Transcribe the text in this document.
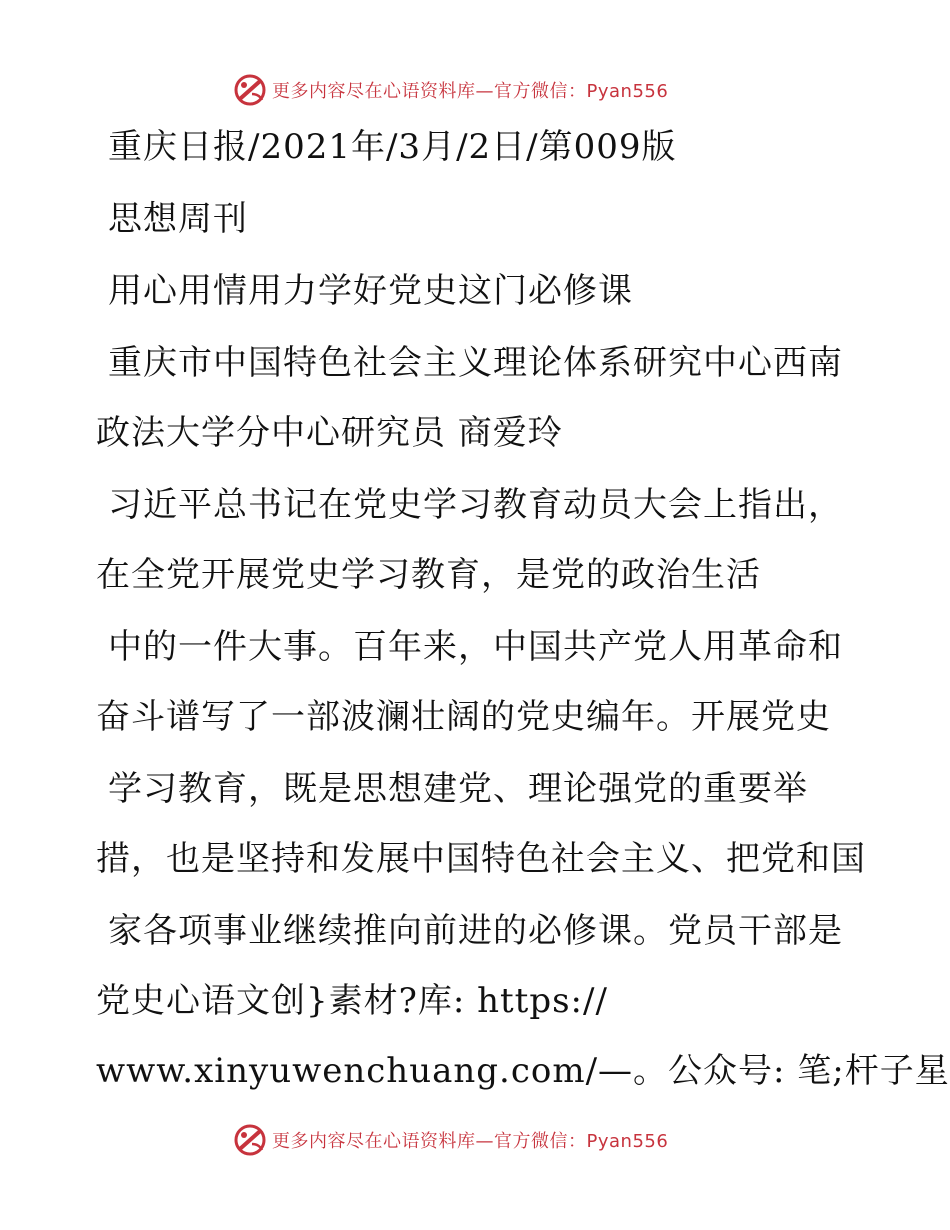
更多内容尽在心语资料库—官方微信：Pyan556
重庆日报/2021年/3月/2日/第009版
思想周刊
用心用情用力学好党史这门必修课
重庆市中国特色社会主义理论体系研究中心西南
政法大学分中心研究员 商爱玲
习近平总书记在党史学习教育动员大会上指出，
在全党开展党史学习教育，是党的政治生活
中的一件大事。百年来，中国共产党人用革命和
奋斗谱写了一部波澜壮阔的党史编年。开展党史
学习教育，既是思想建党、理论强党的重要举
措，也是坚持和发展中国特色社会主义、把党和国
家各项事业继续推向前进的必修课。党员干部是
党史心语文创}素材?库: https://
www.xinyuwenchuang.com/—。公众号: 笔;杆子星
更多内容尽在心语资料库—官方微信：Pyan556
